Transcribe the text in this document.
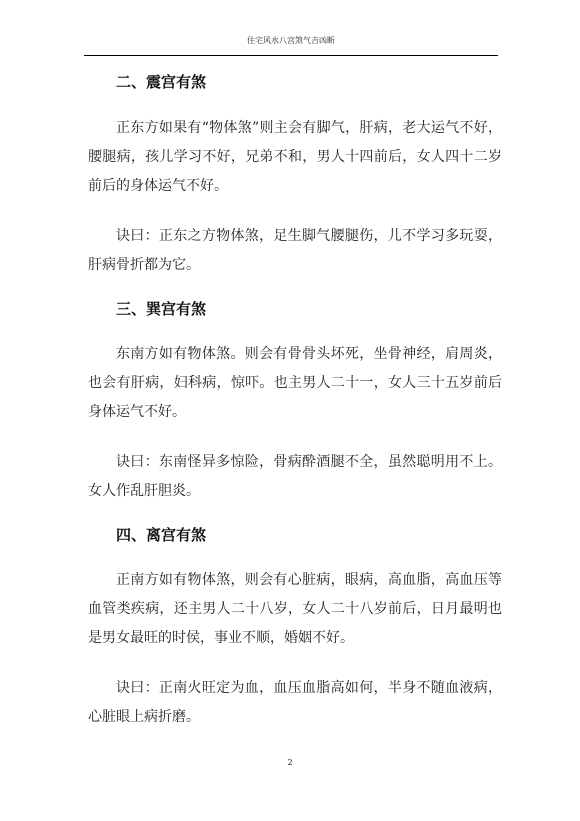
住宅风水八宫煞气吉凶断
二、震宫有煞
正东方如果有“物体煞”则主会有脚气，肝病，老大运气不好，腰腿病，孩儿学习不好，兄弟不和，男人十四前后，女人四十二岁前后的身体运气不好。
诀曰：正东之方物体煞，足生脚气腰腿伤，儿不学习多玩耍，肝病骨折都为它。
三、巽宫有煞
东南方如有物体煞。则会有骨骨头坏死，坐骨神经，肩周炎，也会有肝病，妇科病，惊吓。也主男人二十一，女人三十五岁前后身体运气不好。
诀曰：东南怪异多惊险，骨病酔酒腿不全，虽然聪明用不上。女人作乱肝胆炎。
四、离宫有煞
正南方如有物体煞，则会有心脏病，眼病，高血脂，高血压等血管类疾病，还主男人二十八岁，女人二十八岁前后，日月最明也是男女最旺的时侯，事业不顺，婚姻不好。
诀曰：正南火旺定为血，血压血脂高如何，半身不随血液病，心脏眼上病折磨。
2
